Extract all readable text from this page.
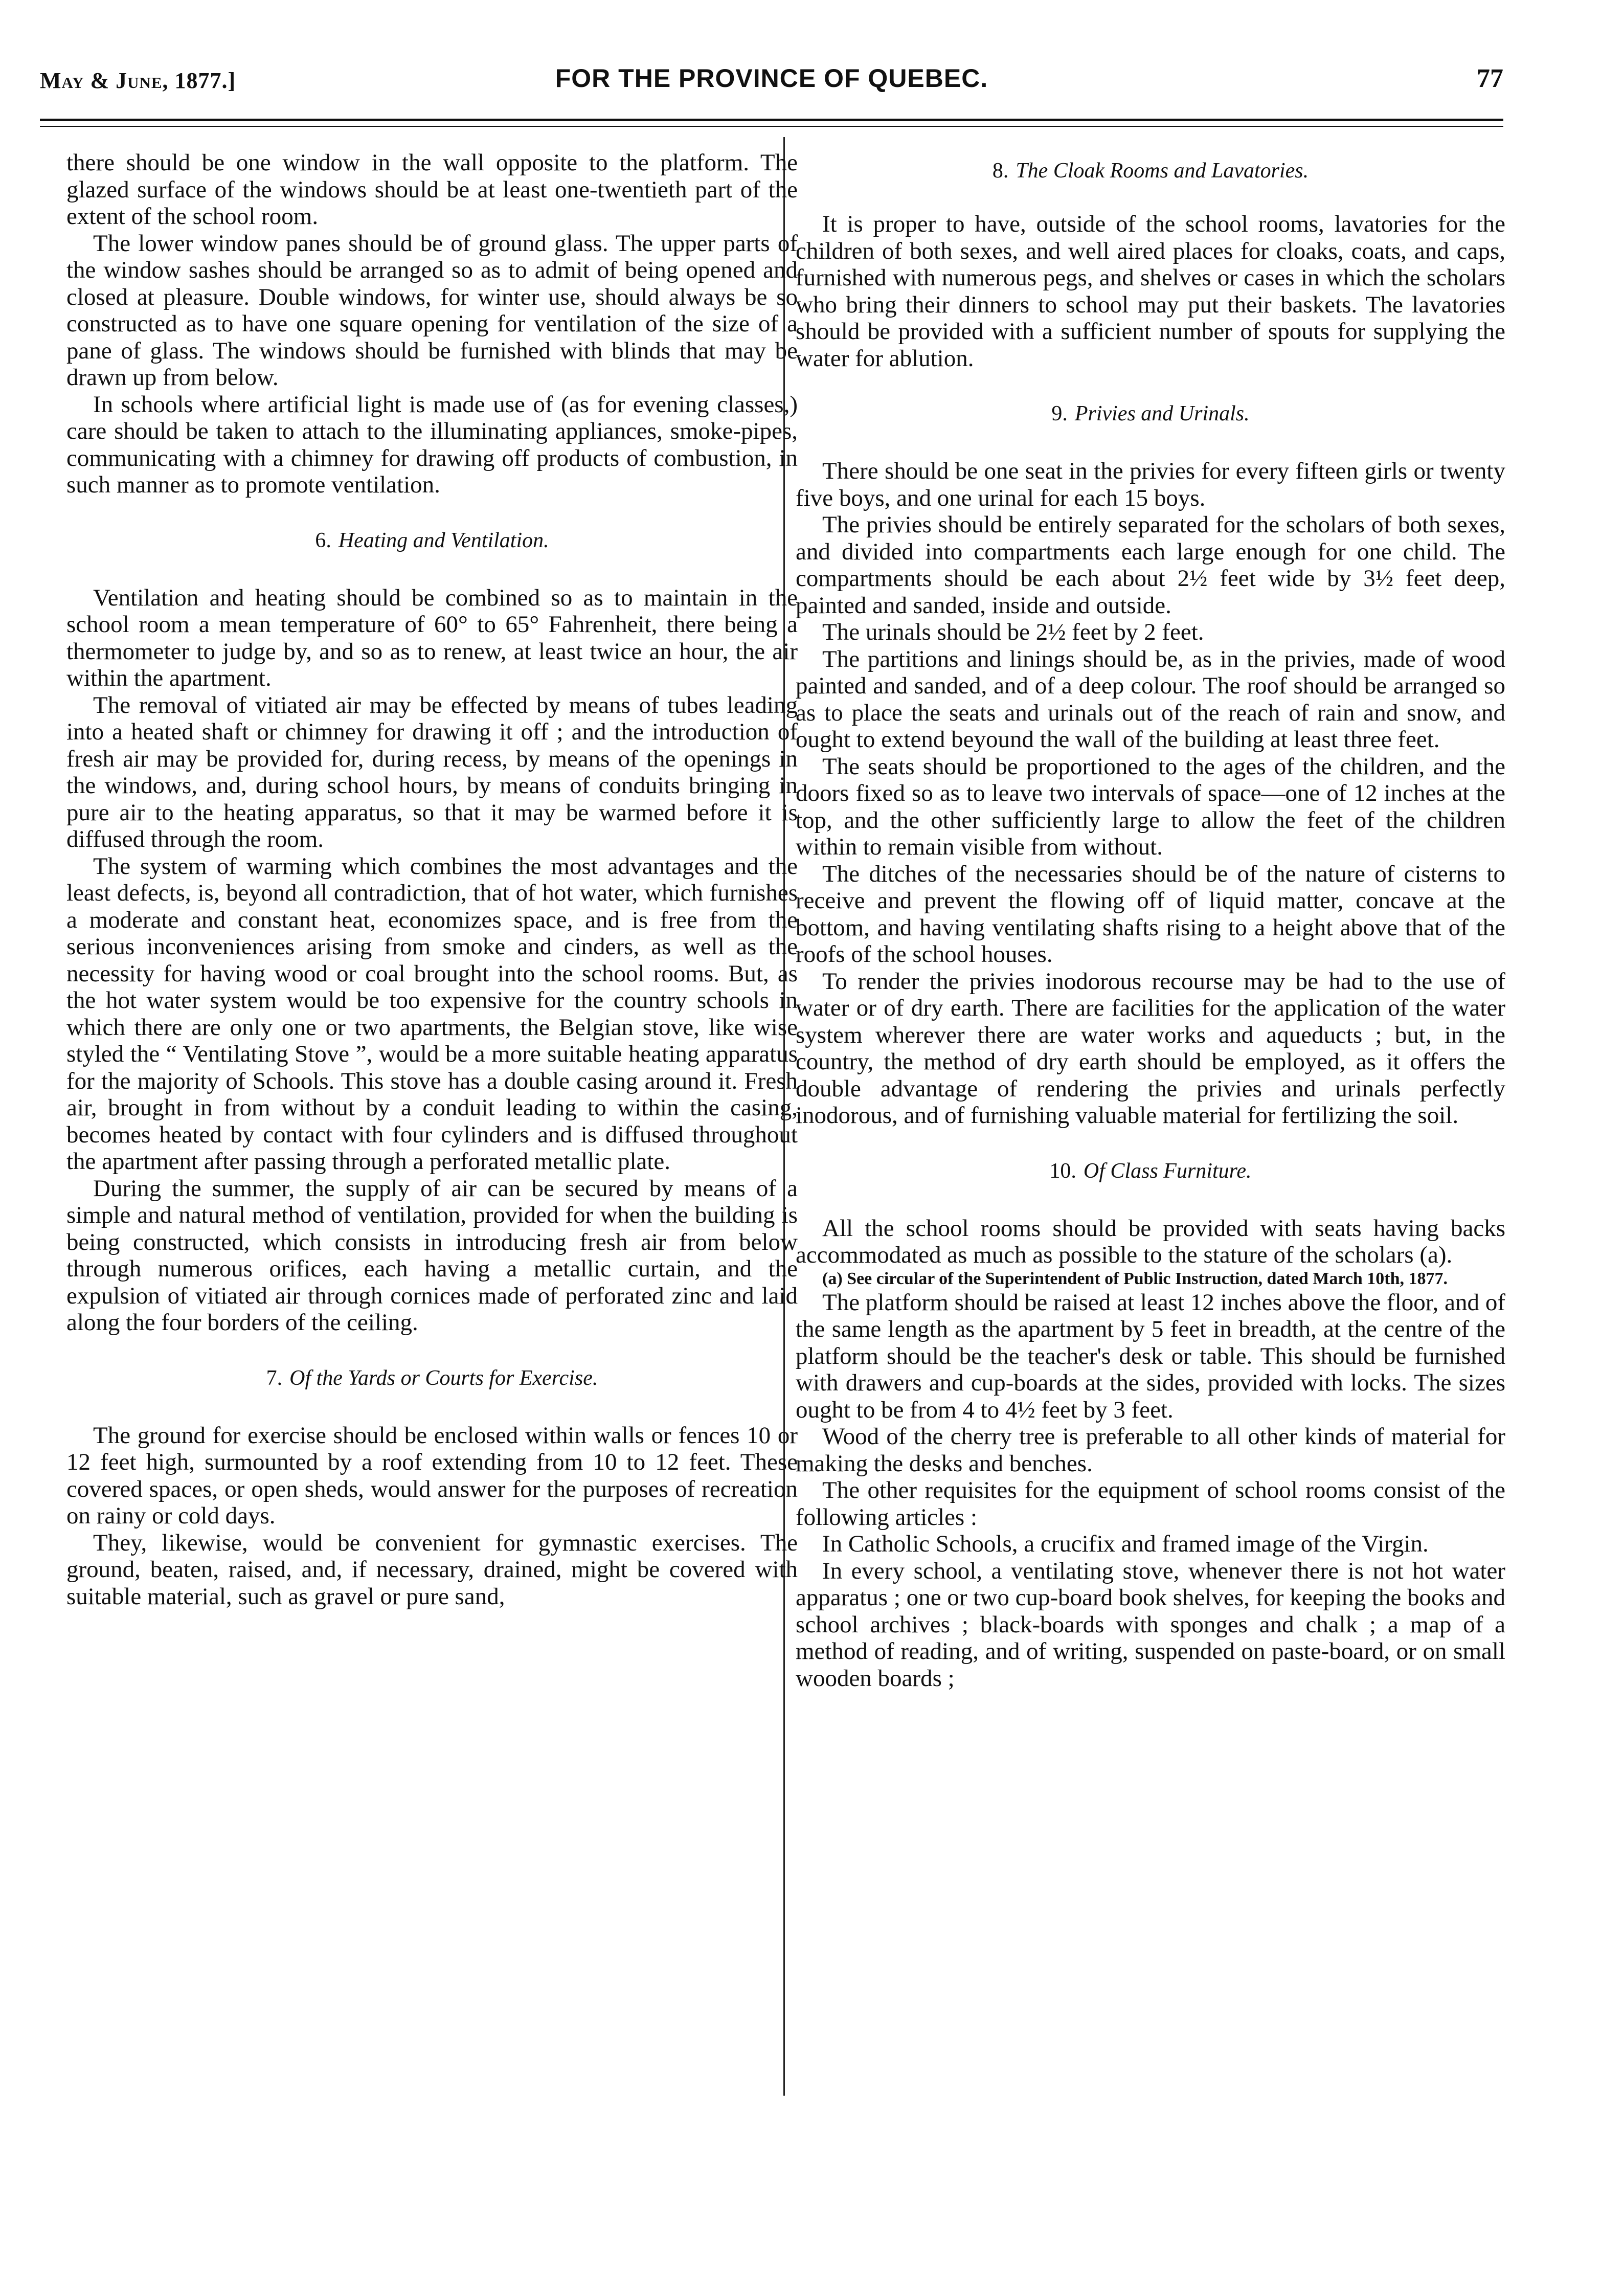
May & June, 1877.]	FOR THE PROVINCE OF QUEBEC.	77

there should be one window in the wall opposite to the platform. The glazed surface of the windows should be at least one-twentieth part of the extent of the school room.

The lower window panes should be of ground glass. The upper parts of the window sashes should be arranged so as to admit of being opened and closed at pleasure. Double windows, for winter use, should always be so constructed as to have one square opening for ventilation of the size of a pane of glass. The windows should be furnished with blinds that may be drawn up from below.

In schools where artificial light is made use of (as for evening classes,) care should be taken to attach to the illuminating appliances, smoke-pipes, communicating with a chimney for drawing off products of combustion, in such manner as to promote ventilation.

6. Heating and Ventilation.

Ventilation and heating should be combined so as to maintain in the school room a mean temperature of 60° to 65° Fahrenheit, there being a thermometer to judge by, and so as to renew, at least twice an hour, the air within the apartment.

The removal of vitiated air may be effected by means of tubes leading into a heated shaft or chimney for drawing it off ; and the introduction of fresh air may be provided for, during recess, by means of the openings in the windows, and, during school hours, by means of conduits bringing in pure air to the heating apparatus, so that it may be warmed before it is diffused through the room.

The system of warming which combines the most advantages and the least defects, is, beyond all contradiction, that of hot water, which furnishes a moderate and constant heat, economizes space, and is free from the serious inconveniences arising from smoke and cinders, as well as the necessity for having wood or coal brought into the school rooms. But, as the hot water system would be too expensive for the country schools in which there are only one or two apartments, the Belgian stove, like wise styled the “ Ventilating Stove ”, would be a more suitable heating apparatus for the majority of Schools. This stove has a double casing around it. Fresh air, brought in from without by a conduit leading to within the casing, becomes heated by contact with four cylinders and is diffused throughout the apartment after passing through a perforated metallic plate.

During the summer, the supply of air can be secured by means of a simple and natural method of ventilation, provided for when the building is being constructed, which consists in introducing fresh air from below through numerous orifices, each having a metallic curtain, and the expulsion of vitiated air through cornices made of perforated zinc and laid along the four borders of the ceiling.

7. Of the Yards or Courts for Exercise.

The ground for exercise should be enclosed within walls or fences 10 or 12 feet high, surmounted by a roof extending from 10 to 12 feet. These covered spaces, or open sheds, would answer for the purposes of recreation on rainy or cold days.

They, likewise, would be convenient for gymnastic exercises. The ground, beaten, raised, and, if necessary, drained, might be covered with suitable material, such as gravel or pure sand,

8. The Cloak Rooms and Lavatories.

It is proper to have, outside of the school rooms, lavatories for the children of both sexes, and well aired places for cloaks, coats, and caps, furnished with numerous pegs, and shelves or cases in which the scholars who bring their dinners to school may put their baskets. The lavatories should be provided with a sufficient number of spouts for supplying the water for ablution.

9. Privies and Urinals.

There should be one seat in the privies for every fifteen girls or twenty five boys, and one urinal for each 15 boys.

The privies should be entirely separated for the scholars of both sexes, and divided into compartments each large enough for one child. The compartments should be each about 2½ feet wide by 3½ feet deep, painted and sanded, inside and outside.

The urinals should be 2½ feet by 2 feet.

The partitions and linings should be, as in the privies, made of wood painted and sanded, and of a deep colour. The roof should be arranged so as to place the seats and urinals out of the reach of rain and snow, and ought to extend beyound the wall of the building at least three feet.

The seats should be proportioned to the ages of the children, and the doors fixed so as to leave two intervals of space—one of 12 inches at the top, and the other sufficiently large to allow the feet of the children within to remain visible from without.

The ditches of the necessaries should be of the nature of cisterns to receive and prevent the flowing off of liquid matter, concave at the bottom, and having ventilating shafts rising to a height above that of the roofs of the school houses.

To render the privies inodorous recourse may be had to the use of water or of dry earth. There are facilities for the application of the water system wherever there are water works and aqueducts ; but, in the country, the method of dry earth should be employed, as it offers the double advantage of rendering the privies and urinals perfectly inodorous, and of furnishing valuable material for fertilizing the soil.

10. Of Class Furniture.

All the school rooms should be provided with seats having backs accommodated as much as possible to the stature of the scholars (a).

(a) See circular of the Superintendent of Public Instruction, dated March 10th, 1877.

The platform should be raised at least 12 inches above the floor, and of the same length as the apartment by 5 feet in breadth, at the centre of the platform should be the teacher's desk or table. This should be furnished with drawers and cup-boards at the sides, provided with locks. The sizes ought to be from 4 to 4½ feet by 3 feet.

Wood of the cherry tree is preferable to all other kinds of material for making the desks and benches.

The other requisites for the equipment of school rooms consist of the following articles :

In Catholic Schools, a crucifix and framed image of the Virgin.

In every school, a ventilating stove, whenever there is not hot water apparatus ; one or two cup-board book shelves, for keeping the books and school archives ; black-boards with sponges and chalk ; a map of a method of reading, and of writing, suspended on paste-board, or on small wooden boards ;
